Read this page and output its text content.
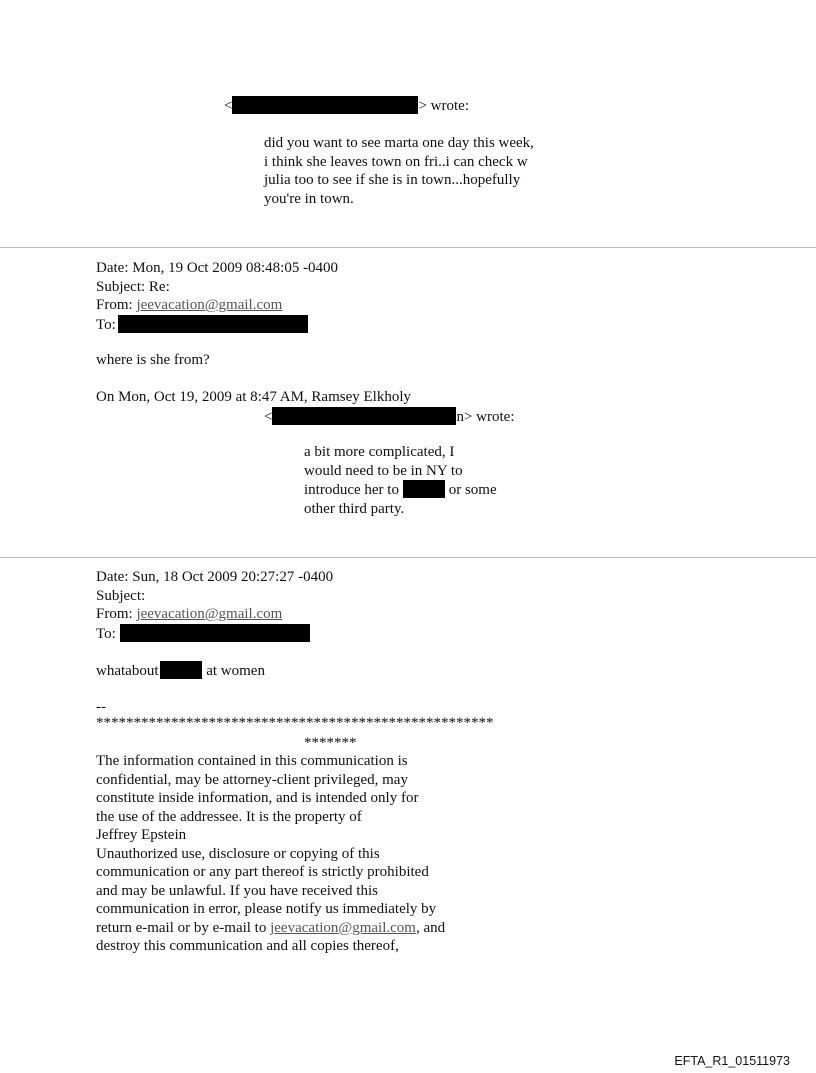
<	> wrote:
did you want to see marta one day this week,
i think she leaves town on fri..i can check w
julia too to see if she is in town...hopefully
you're in town.
Date: Mon, 19 Oct 2009 08:48:05 -0400
Subject: Re:
From: jeevacation@gmail.com
To:
where is she from?
On Mon, Oct 19, 2009 at 8:47 AM, Ramsey Elkholy
<	n> wrote:
a bit more complicated, I
would need to be in NY to
introduce her to	or some
other third party.
Date: Sun, 18 Oct 2009 20:27:27 -0400
Subject:
From: jeevacation@gmail.com
To:
whatabout	at women
--
*****************************************************
*******
The information contained in this communication is
confidential, may be attorney-client privileged, may
constitute inside information, and is intended only for
the use of the addressee. It is the property of
Jeffrey Epstein
Unauthorized use, disclosure or copying of this
communication or any part thereof is strictly prohibited
and may be unlawful. If you have received this
communication in error, please notify us immediately by
return e-mail or by e-mail to jeevacation@gmail.com, and
destroy this communication and all copies thereof,
EFTA_R1_01511973
